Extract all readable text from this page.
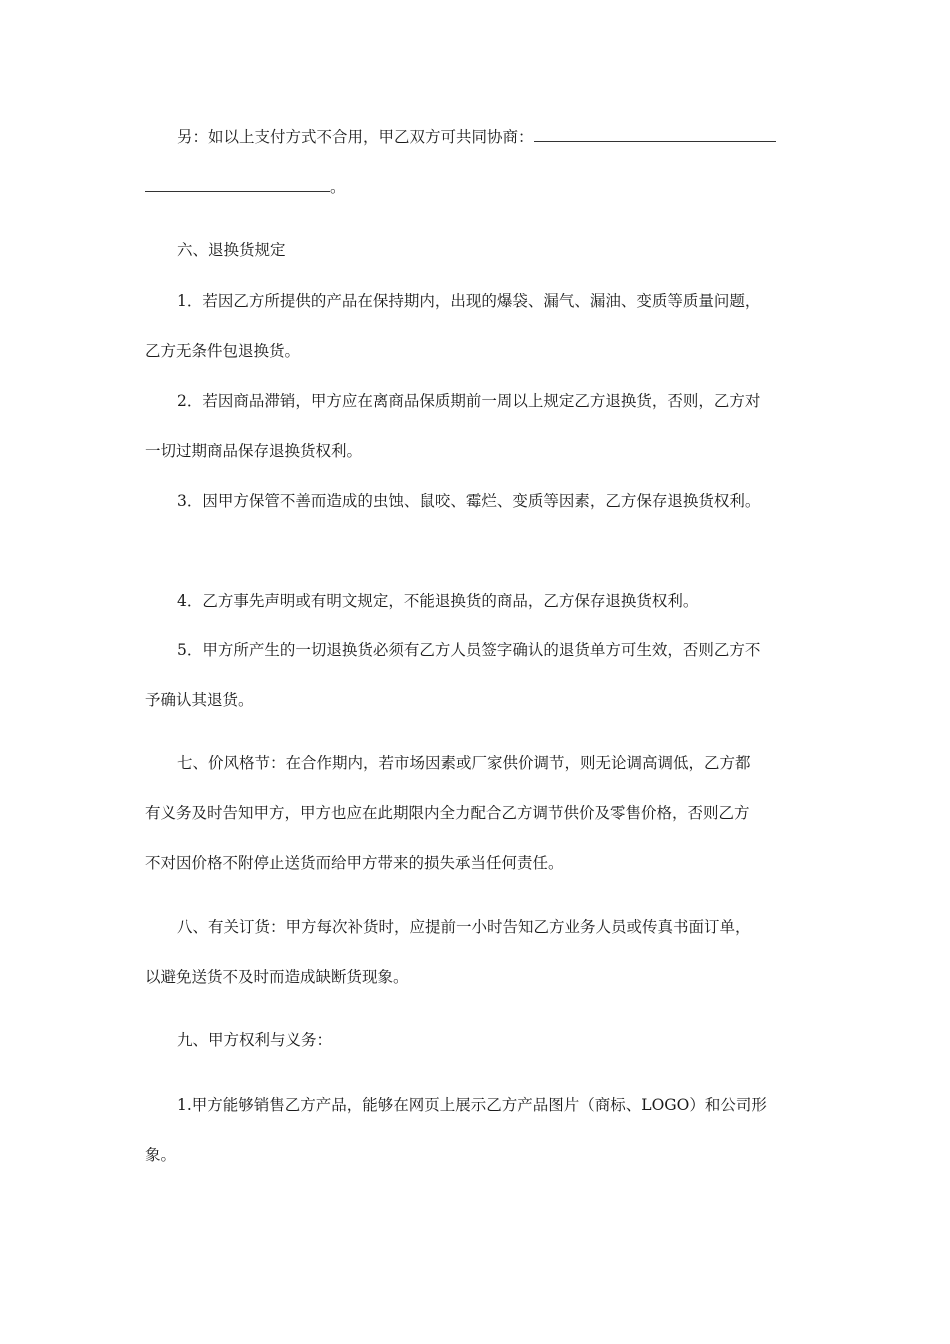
另：如以上支付方式不合用，甲乙双方可共同协商：
。
六、退换货规定
1．若因乙方所提供的产品在保持期内，出现的爆袋、漏气、漏油、变质等质量问题，
乙方无条件包退换货。
2．若因商品滞销，甲方应在离商品保质期前一周以上规定乙方退换货，否则，乙方对
一切过期商品保存退换货权利。
3．因甲方保管不善而造成的虫蚀、鼠咬、霉烂、变质等因素，乙方保存退换货权利。
4．乙方事先声明或有明文规定，不能退换货的商品，乙方保存退换货权利。
5．甲方所产生的一切退换货必须有乙方人员签字确认的退货单方可生效，否则乙方不
予确认其退货。
七、价风格节：在合作期内，若市场因素或厂家供价调节，则无论调高调低，乙方都
有义务及时告知甲方，甲方也应在此期限内全力配合乙方调节供价及零售价格，否则乙方
不对因价格不附停止送货而给甲方带来的损失承当任何责任。
八、有关订货：甲方每次补货时，应提前一小时告知乙方业务人员或传真书面订单，
以避免送货不及时而造成缺断货现象。
九、甲方权利与义务：
1.甲方能够销售乙方产品，能够在网页上展示乙方产品图片（商标、LOGO）和公司形
象。
